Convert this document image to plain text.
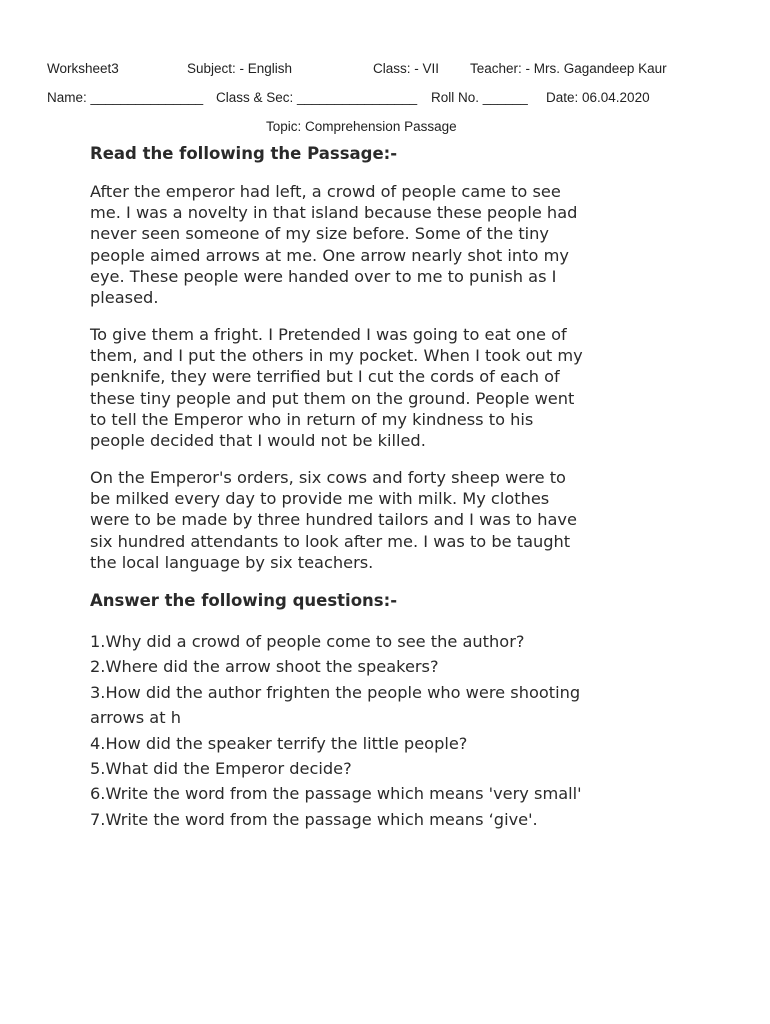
Worksheet3	Subject: - English	Class: - VII Teacher: - Mrs. Gagandeep Kaur
Name: _______________ Class & Sec: ________________ Roll No. ______ Date: 06.04.2020
Topic: Comprehension Passage
Read the following the Passage:-
After the emperor had left, a crowd of people came to see
me. I was a novelty in that island because these people had
never seen someone of my size before. Some of the tiny
people aimed arrows at me. One arrow nearly shot into my
eye. These people were handed over to me to punish as I
pleased.
To give them a fright. I Pretended I was going to eat one of
them, and I put the others in my pocket. When I took out my
penknife, they were terrified but I cut the cords of each of
these tiny people and put them on the ground. People went
to tell the Emperor who in return of my kindness to his
people decided that I would not be killed.
On the Emperor's orders, six cows and forty sheep were to
be milked every day to provide me with milk. My clothes
were to be made by three hundred tailors and I was to have
six hundred attendants to look after me. I was to be taught
the local language by six teachers.
Answer the following questions:-
1.Why did a crowd of people come to see the author?
2.Where did the arrow shoot the speakers?
3.How did the author frighten the people who were shooting
arrows at h
4.How did the speaker terrify the little people?
5.What did the Emperor decide?
6.Write the word from the passage which means 'very small'
7.Write the word from the passage which means ‘give'.
